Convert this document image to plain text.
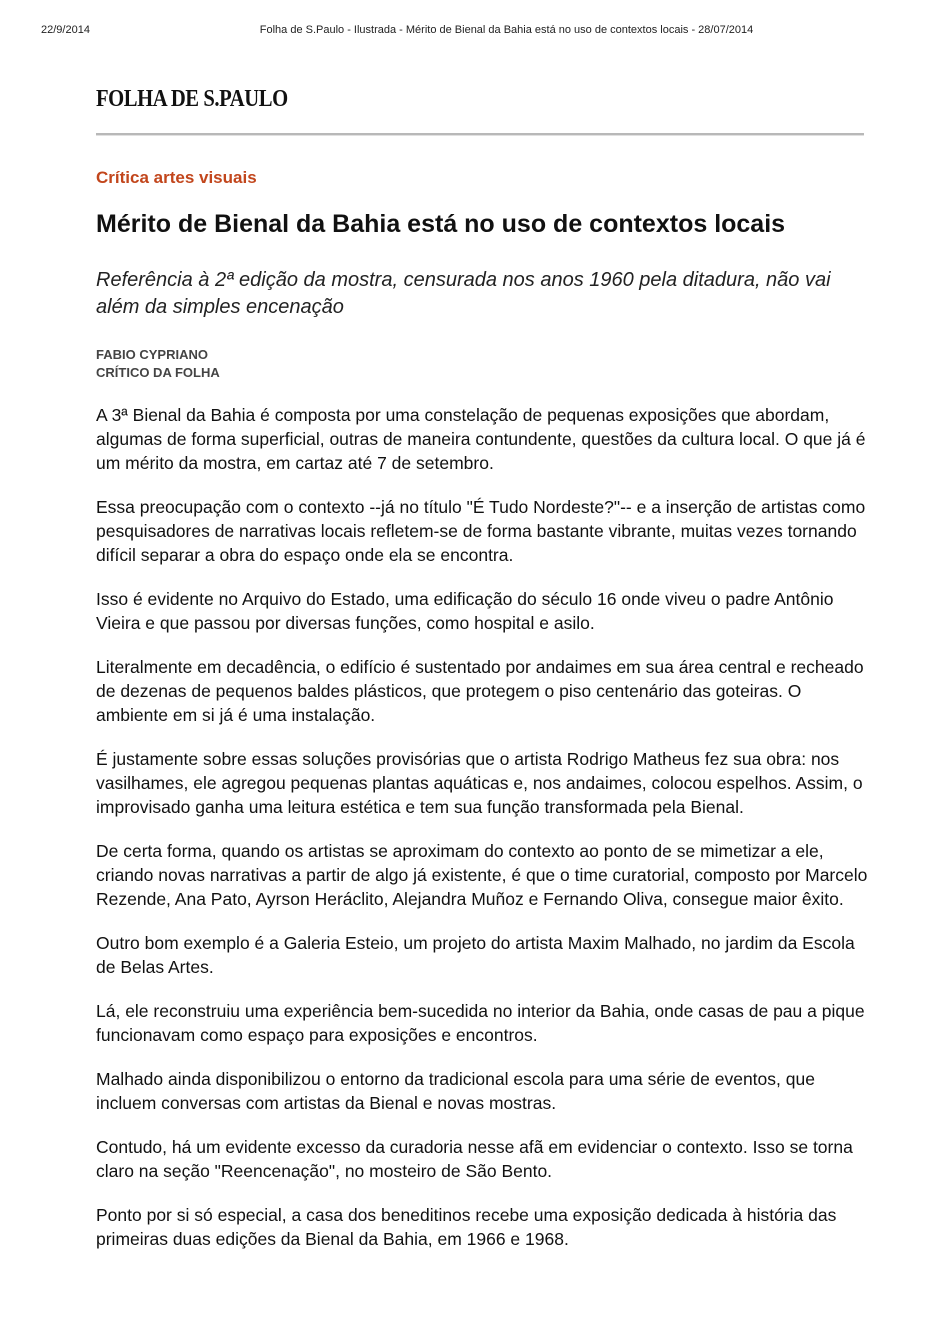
22/9/2014	Folha de S.Paulo - Ilustrada - Mérito de Bienal da Bahia está no uso de contextos locais - 28/07/2014
FOLHA DE S.PAULO
Crítica artes visuais
Mérito de Bienal da Bahia está no uso de contextos locais

Referência à 2ª edição da mostra, censurada nos anos 1960 pela ditadura, não vai além da simples encenação

FABIO CYPRIANO
CRÍTICO DA FOLHA

A 3ª Bienal da Bahia é composta por uma constelação de pequenas exposições que abordam, algumas de forma superficial, outras de maneira contundente, questões da cultura local. O que já é um mérito da mostra, em cartaz até 7 de setembro.

Essa preocupação com o contexto --já no título "É Tudo Nordeste?"-- e a inserção de artistas como pesquisadores de narrativas locais refletem-se de forma bastante vibrante, muitas vezes tornando difícil separar a obra do espaço onde ela se encontra.

Isso é evidente no Arquivo do Estado, uma edificação do século 16 onde viveu o padre Antônio Vieira e que passou por diversas funções, como hospital e asilo.

Literalmente em decadência, o edifício é sustentado por andaimes em sua área central e recheado de dezenas de pequenos baldes plásticos, que protegem o piso centenário das goteiras. O ambiente em si já é uma instalação.

É justamente sobre essas soluções provisórias que o artista Rodrigo Matheus fez sua obra: nos vasilhames, ele agregou pequenas plantas aquáticas e, nos andaimes, colocou espelhos. Assim, o improvisado ganha uma leitura estética e tem sua função transformada pela Bienal.

De certa forma, quando os artistas se aproximam do contexto ao ponto de se mimetizar a ele, criando novas narrativas a partir de algo já existente, é que o time curatorial, composto por Marcelo Rezende, Ana Pato, Ayrson Heráclito, Alejandra Muñoz e Fernando Oliva, consegue maior êxito.

Outro bom exemplo é a Galeria Esteio, um projeto do artista Maxim Malhado, no jardim da Escola de Belas Artes.

Lá, ele reconstruiu uma experiência bem-sucedida no interior da Bahia, onde casas de pau a pique funcionavam como espaço para exposições e encontros.

Malhado ainda disponibilizou o entorno da tradicional escola para uma série de eventos, que incluem conversas com artistas da Bienal e novas mostras.

Contudo, há um evidente excesso da curadoria nesse afã em evidenciar o contexto. Isso se torna claro na seção "Reencenação", no mosteiro de São Bento.

Ponto por si só especial, a casa dos beneditinos recebe uma exposição dedicada à história das primeiras duas edições da Bienal da Bahia, em 1966 e 1968.
